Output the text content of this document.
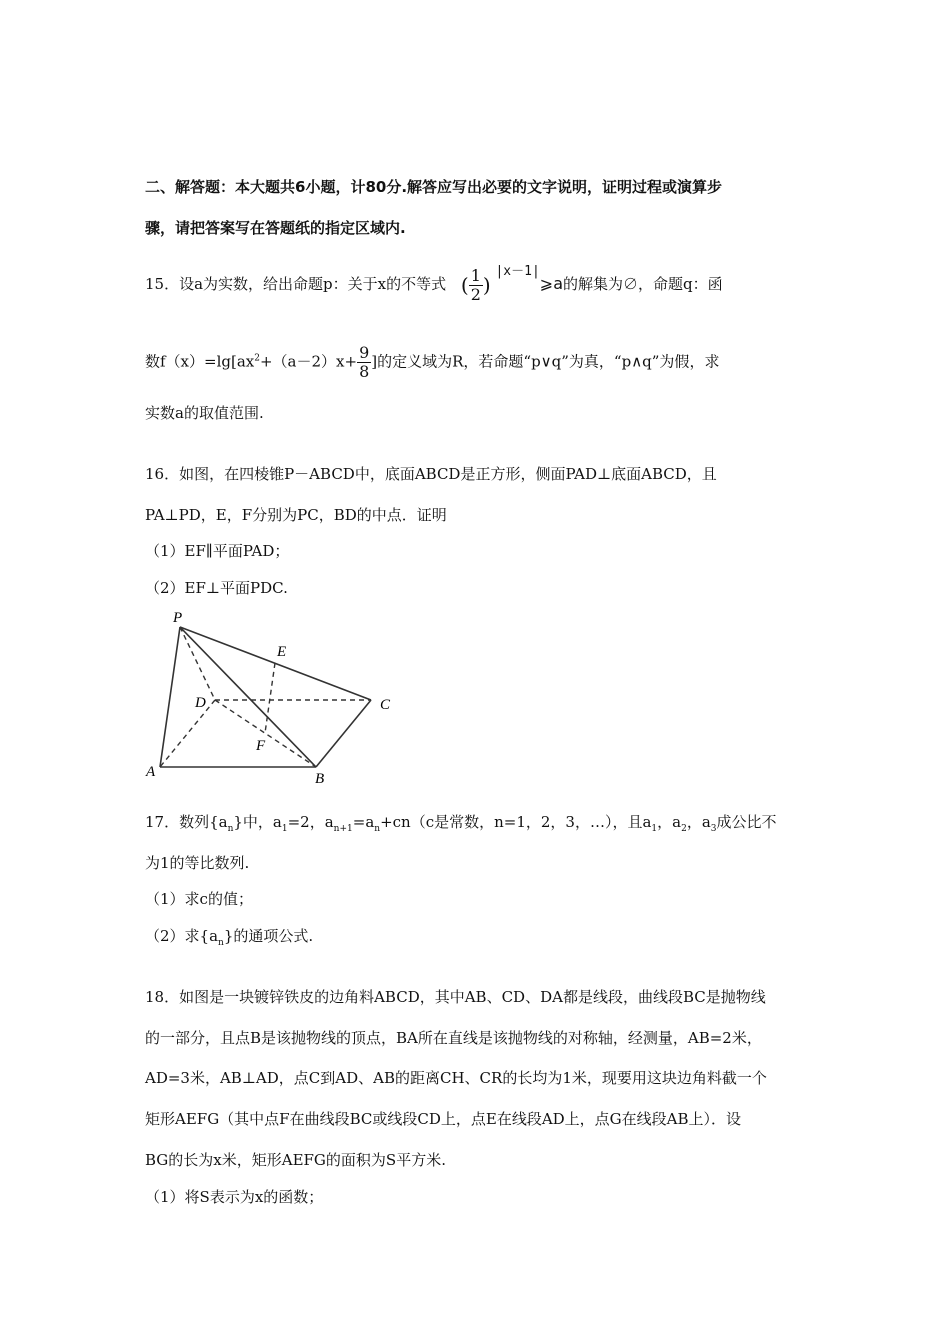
二、解答题：本大题共6小题，计80分.解答应写出必要的文字说明，证明过程或演算步
骤，请把答案写在答题纸的指定区域内.
15．设a为实数，给出命题p：关于x的不等式 ( $\frac{1}{2}$ ) |x－1|⩾a的解集为∅，命题q：函
数$f(x)=\lg[ax^2+(a-2)x+ \frac{9}{8}$ ]的定义域为R，若命题“p∨q”为真，“p∧q”为假，求
实数a的取值范围.
16．如图，在四棱锥P－ABCD中，底面ABCD是正方形，侧面PAD⊥底面ABCD，且
PA⊥PD，E，F分别为PC，BD的中点．证明
（1）EF∥平面PAD；
（2）EF⊥平面PDC.
P
E
D	C
F
A	B
17．数列$\{a_n\}$中，$a_1=2$，$a_{n+1}=a_n+cn(c$是常数，n=1，2，3，…），且$a_1$，$a_2$，$a_3$成公比不
为1的等比数列.
（1）求c的值；
（2）求$\{a_n\}$的通项公式.
18．如图是一块镀锌铁皮的边角料ABCD，其中AB、CD、DA都是线段，曲线段BC是抛物线
的一部分，且点B是该抛物线的顶点，BA所在直线是该抛物线的对称轴，经测量，AB=2米，
AD=3米，AB⊥AD，点C到AD、AB的距离CH、CR的长均为1米，现要用这块边角料截一个
矩形AEFG（其中点F在曲线段BC或线段CD上，点E在线段AD上，点G在线段AB上）．设
BG的长为x米，矩形AEFG的面积为S平方米.
（1）将S表示为x的函数；
